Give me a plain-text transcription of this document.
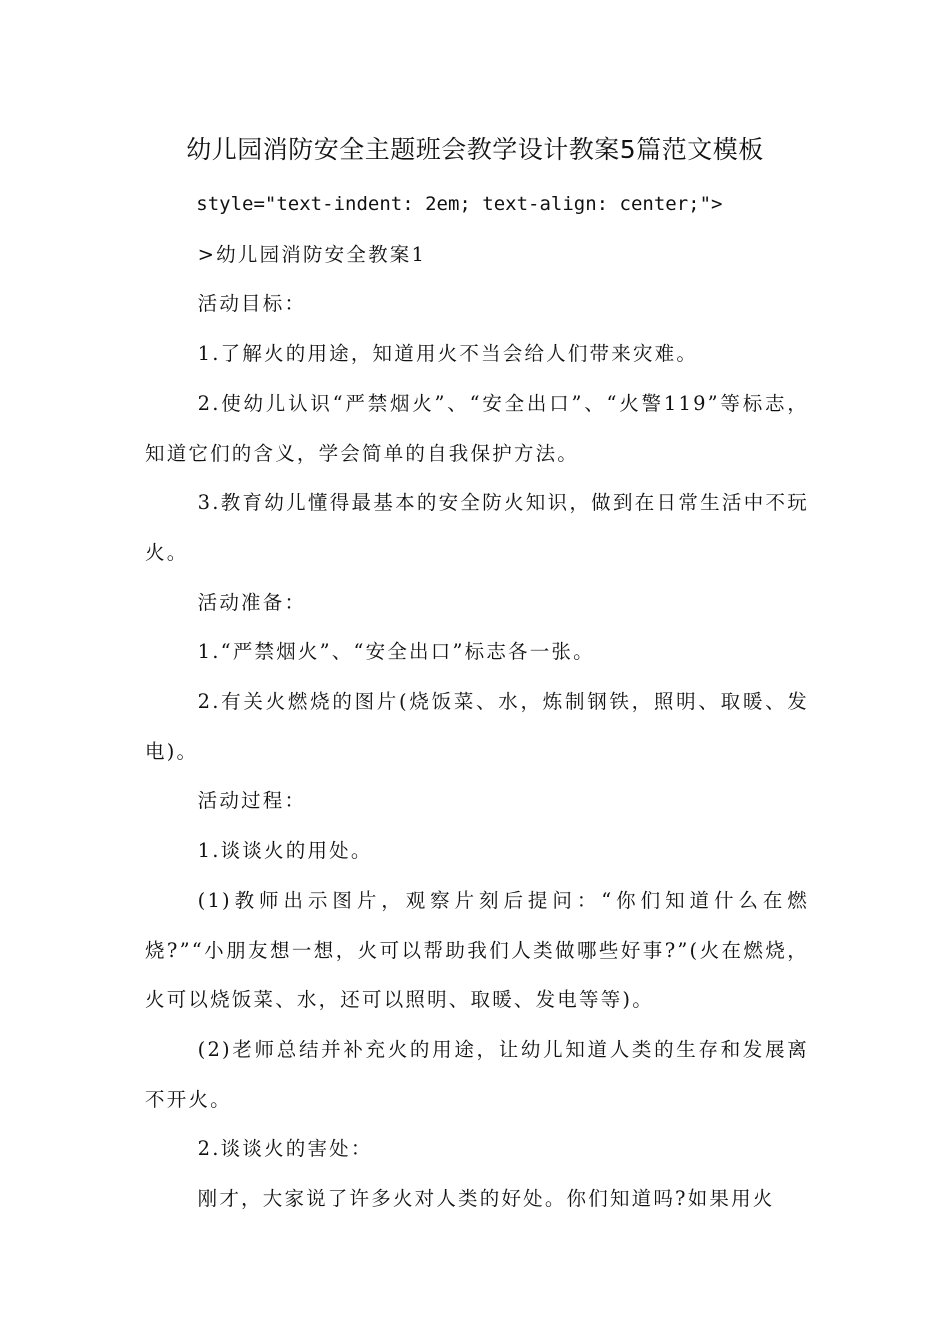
幼儿园消防安全主题班会教学设计教案5篇范文模板

style="text-indent: 2em; text-align: center;">

>幼儿园消防安全教案1

活动目标：

1.了解火的用途，知道用火不当会给人们带来灾难。

2.使幼儿认识“严禁烟火”、“安全出口”、“火警119”等标志，知道它们的含义，学会简单的自我保护方法。

3.教育幼儿懂得最基本的安全防火知识，做到在日常生活中不玩火。

活动准备：

1.“严禁烟火”、“安全出口”标志各一张。

2.有关火燃烧的图片(烧饭菜、水，炼制钢铁，照明、取暖、发电)。

活动过程：

1.谈谈火的用处。

(1)教师出示图片，观察片刻后提问：“你们知道什么在燃烧?”“小朋友想一想，火可以帮助我们人类做哪些好事?”(火在燃烧，火可以烧饭菜、水，还可以照明、取暖、发电等等)。

(2)老师总结并补充火的用途，让幼儿知道人类的生存和发展离不开火。

2.谈谈火的害处：

刚才，大家说了许多火对人类的好处。你们知道吗?如果用火
